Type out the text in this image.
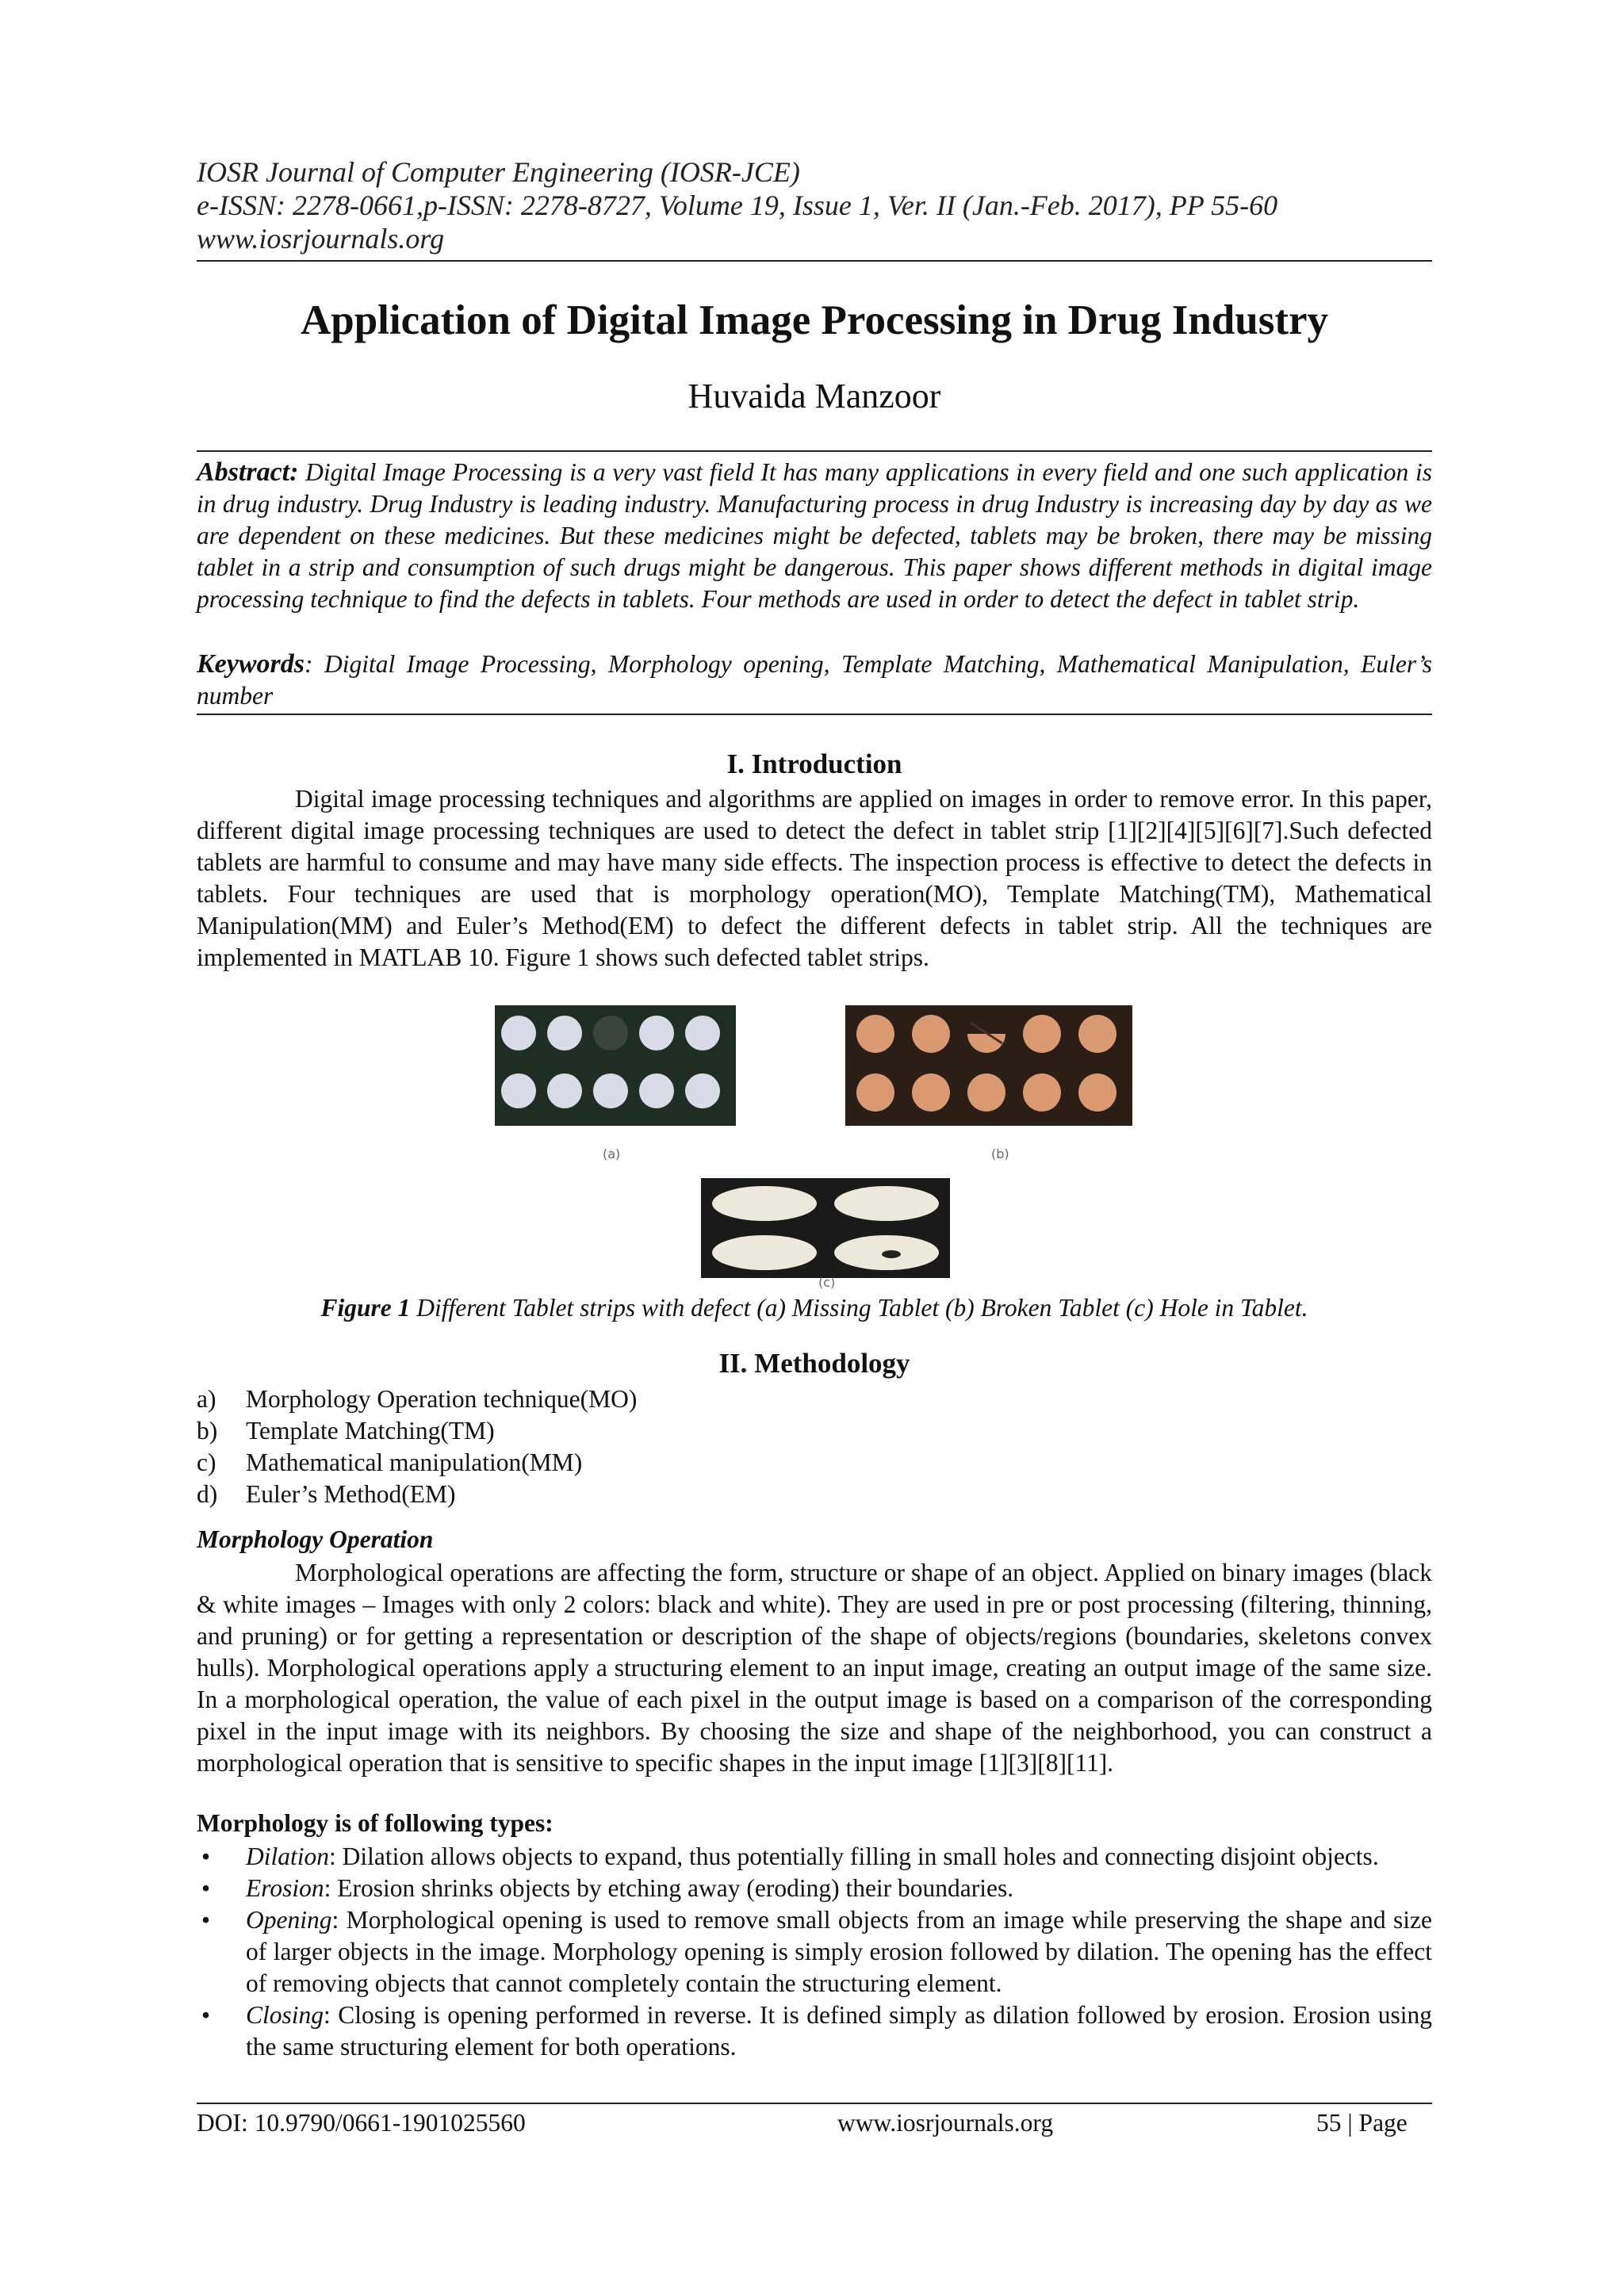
IOSR Journal of Computer Engineering (IOSR-JCE)
e-ISSN: 2278-0661,p-ISSN: 2278-8727, Volume 19, Issue 1, Ver. II (Jan.-Feb. 2017), PP 55-60
www.iosrjournals.org
Application of Digital Image Processing in Drug Industry
Huvaida Manzoor
Abstract: Digital Image Processing is a very vast field It has many applications in every field and one such application is in drug industry. Drug Industry is leading industry. Manufacturing process in drug Industry is increasing day by day as we are dependent on these medicines. But these medicines might be defected, tablets may be broken, there may be missing tablet in a strip and consumption of such drugs might be dangerous. This paper shows different methods in digital image processing technique to find the defects in tablets. Four methods are used in order to detect the defect in tablet strip.
Keywords: Digital Image Processing, Morphology opening, Template Matching, Mathematical Manipulation, Euler’s number
I. Introduction
Digital image processing techniques and algorithms are applied on images in order to remove error. In this paper, different digital image processing techniques are used to detect the defect in tablet strip [1][2][4][5][6][7].Such defected tablets are harmful to consume and may have many side effects. The inspection process is effective to detect the defects in tablets. Four techniques are used that is morphology operation(MO), Template Matching(TM), Mathematical Manipulation(MM) and Euler’s Method(EM) to defect the different defects in tablet strip. All the techniques are implemented in MATLAB 10. Figure 1 shows such defected tablet strips.
(a)	(b)
(c)
Figure 1 Different Tablet strips with defect (a) Missing Tablet (b) Broken Tablet (c) Hole in Tablet.
II. Methodology
a) Morphology Operation technique(MO)
b) Template Matching(TM)
c) Mathematical manipulation(MM)
d) Euler’s Method(EM)
Morphology Operation
Morphological operations are affecting the form, structure or shape of an object. Applied on binary images (black & white images – Images with only 2 colors: black and white). They are used in pre or post processing (filtering, thinning, and pruning) or for getting a representation or description of the shape of objects/regions (boundaries, skeletons convex hulls). Morphological operations apply a structuring element to an input image, creating an output image of the same size. In a morphological operation, the value of each pixel in the output image is based on a comparison of the corresponding pixel in the input image with its neighbors. By choosing the size and shape of the neighborhood, you can construct a morphological operation that is sensitive to specific shapes in the input image [1][3][8][11].
Morphology is of following types:
• Dilation: Dilation allows objects to expand, thus potentially filling in small holes and connecting disjoint objects.
• Erosion: Erosion shrinks objects by etching away (eroding) their boundaries.
• Opening: Morphological opening is used to remove small objects from an image while preserving the shape and size of larger objects in the image. Morphology opening is simply erosion followed by dilation. The opening has the effect of removing objects that cannot completely contain the structuring element.
• Closing: Closing is opening performed in reverse. It is defined simply as dilation followed by erosion. Erosion using the same structuring element for both operations.
DOI: 10.9790/0661-1901025560	www.iosrjournals.org	55 | Page
